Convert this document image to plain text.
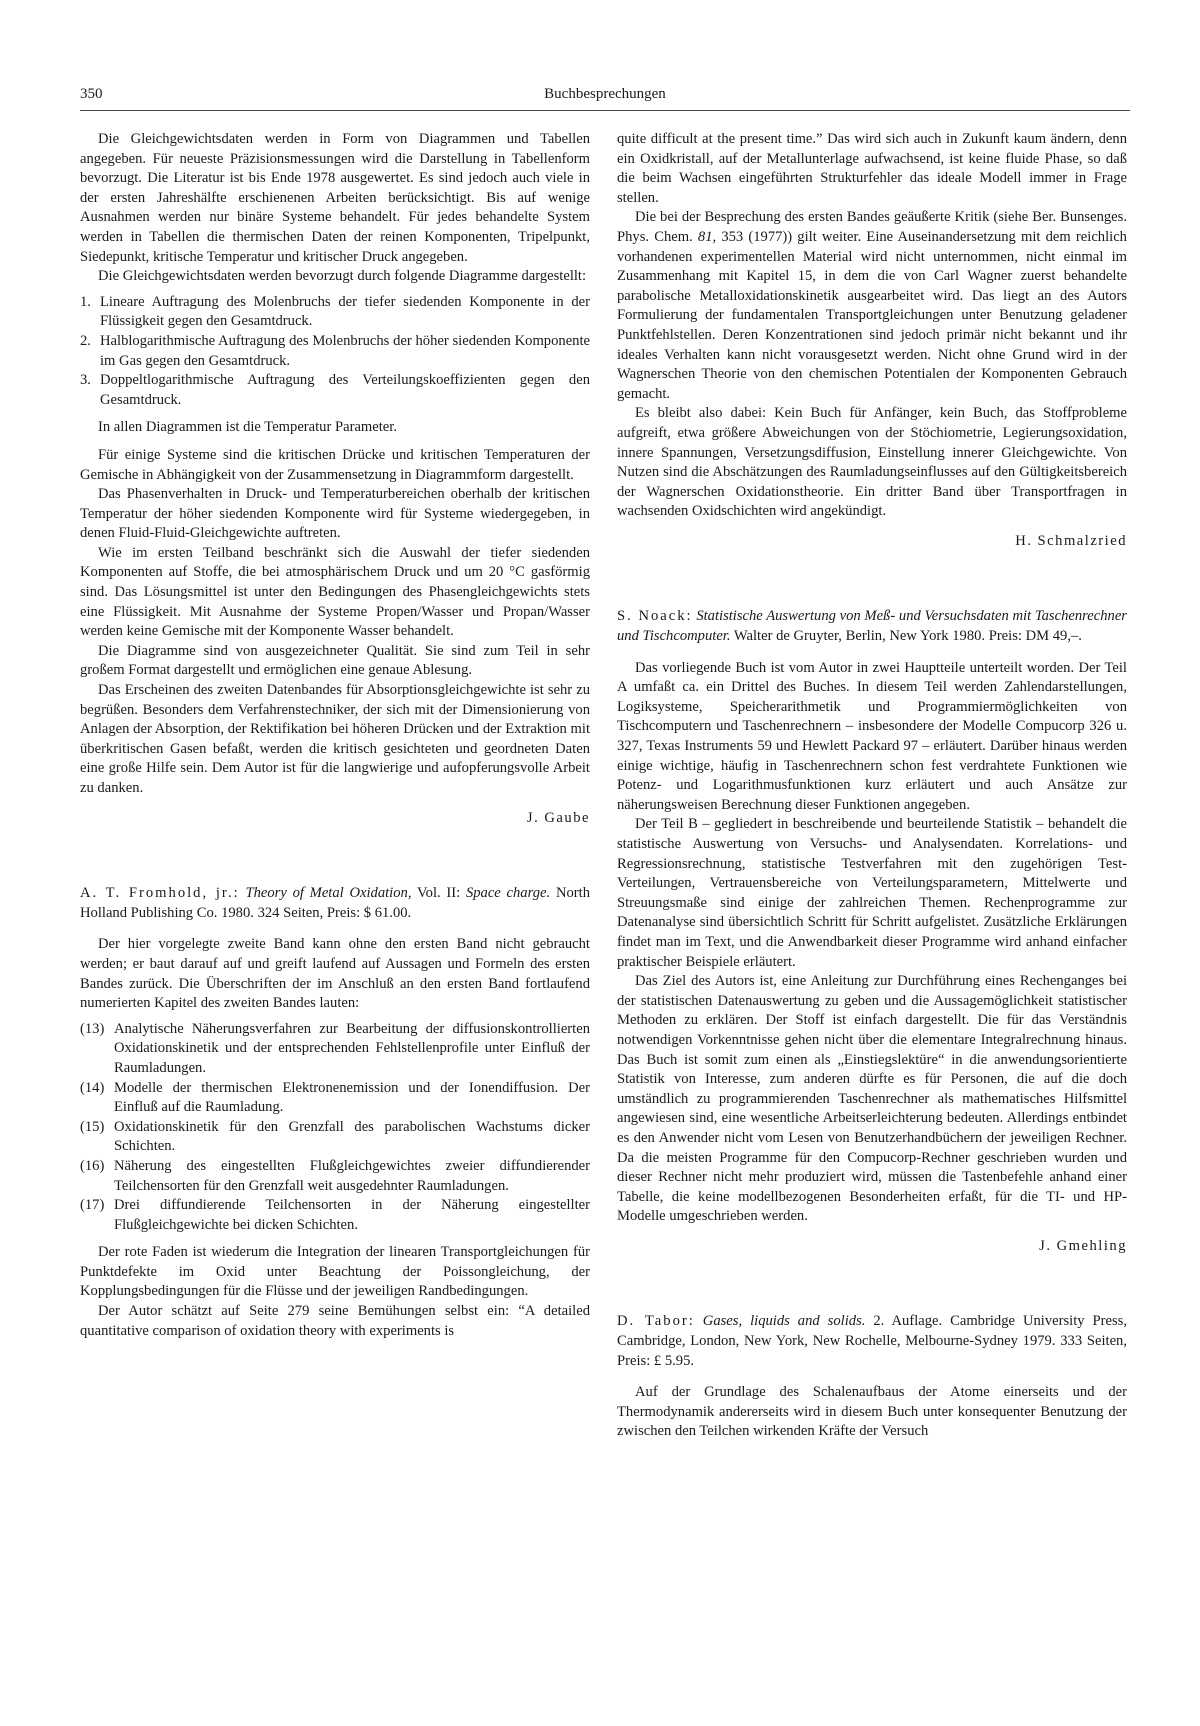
350	Buchbesprechungen

Die Gleichgewichtsdaten werden in Form von Diagrammen und Tabellen angegeben. Für neueste Präzisionsmessungen wird die Darstellung in Tabellenform bevorzugt. Die Literatur ist bis Ende 1978 ausgewertet. Es sind jedoch auch viele in der ersten Jahreshälfte erschienenen Arbeiten berücksichtigt. Bis auf wenige Ausnahmen werden nur binäre Systeme behandelt. Für jedes behandelte System werden in Tabellen die thermischen Daten der reinen Komponenten, Tripelpunkt, Siedepunkt, kritische Temperatur und kritischer Druck angegeben.

Die Gleichgewichtsdaten werden bevorzugt durch folgende Diagramme dargestellt:

1. Lineare Auftragung des Molenbruchs der tiefer siedenden Komponente in der Flüssigkeit gegen den Gesamtdruck.
2. Halblogarithmische Auftragung des Molenbruchs der höher siedenden Komponente im Gas gegen den Gesamtdruck.
3. Doppeltlogarithmische Auftragung des Verteilungskoeffizienten gegen den Gesamtdruck.

In allen Diagrammen ist die Temperatur Parameter.

Für einige Systeme sind die kritischen Drücke und kritischen Temperaturen der Gemische in Abhängigkeit von der Zusammensetzung in Diagrammform dargestellt.

Das Phasenverhalten in Druck- und Temperaturbereichen oberhalb der kritischen Temperatur der höher siedenden Komponente wird für Systeme wiedergegeben, in denen Fluid-Fluid-Gleichgewichte auftreten.

Wie im ersten Teilband beschränkt sich die Auswahl der tiefer siedenden Komponenten auf Stoffe, die bei atmosphärischem Druck und um 20 °C gasförmig sind. Das Lösungsmittel ist unter den Bedingungen des Phasengleichgewichts stets eine Flüssigkeit. Mit Ausnahme der Systeme Propen/Wasser und Propan/Wasser werden keine Gemische mit der Komponente Wasser behandelt.

Die Diagramme sind von ausgezeichneter Qualität. Sie sind zum Teil in sehr großem Format dargestellt und ermöglichen eine genaue Ablesung.

Das Erscheinen des zweiten Datenbandes für Absorptionsgleichgewichte ist sehr zu begrüßen. Besonders dem Verfahrenstechniker, der sich mit der Dimensionierung von Anlagen der Absorption, der Rektifikation bei höheren Drücken und der Extraktion mit überkritischen Gasen befaßt, werden die kritisch gesichteten und geordneten Daten eine große Hilfe sein. Dem Autor ist für die langwierige und aufopferungsvolle Arbeit zu danken.

J. Gaube

A. T. Fromhold, jr.: Theory of Metal Oxidation, Vol. II: Space charge. North Holland Publishing Co. 1980. 324 Seiten, Preis: $ 61.00.

Der hier vorgelegte zweite Band kann ohne den ersten Band nicht gebraucht werden; er baut darauf auf und greift laufend auf Aussagen und Formeln des ersten Bandes zurück. Die Überschriften der im Anschluß an den ersten Band fortlaufend numerierten Kapitel des zweiten Bandes lauten:

(13) Analytische Näherungsverfahren zur Bearbeitung der diffusionskontrollierten Oxidationskinetik und der entsprechenden Fehlstellenprofile unter Einfluß der Raumladungen.
(14) Modelle der thermischen Elektronenemission und der Ionendiffusion. Der Einfluß auf die Raumladung.
(15) Oxidationskinetik für den Grenzfall des parabolischen Wachstums dicker Schichten.
(16) Näherung des eingestellten Flußgleichgewichtes zweier diffundierender Teilchensorten für den Grenzfall weit ausgedehnter Raumladungen.
(17) Drei diffundierende Teilchensorten in der Näherung eingestellter Flußgleichgewichte bei dicken Schichten.

Der rote Faden ist wiederum die Integration der linearen Transportgleichungen für Punktdefekte im Oxid unter Beachtung der Poissongleichung, der Kopplungsbedingungen für die Flüsse und der jeweiligen Randbedingungen.

Der Autor schätzt auf Seite 279 seine Bemühungen selbst ein: “A detailed quantitative comparison of oxidation theory with experiments is

quite difficult at the present time.” Das wird sich auch in Zukunft kaum ändern, denn ein Oxidkristall, auf der Metallunterlage aufwachsend, ist keine fluide Phase, so daß die beim Wachsen eingeführten Strukturfehler das ideale Modell immer in Frage stellen.

Die bei der Besprechung des ersten Bandes geäußerte Kritik (siehe Ber. Bunsenges. Phys. Chem. 81, 353 (1977)) gilt weiter. Eine Auseinandersetzung mit dem reichlich vorhandenen experimentellen Material wird nicht unternommen, nicht einmal im Zusammenhang mit Kapitel 15, in dem die von Carl Wagner zuerst behandelte parabolische Metalloxidationskinetik ausgearbeitet wird. Das liegt an des Autors Formulierung der fundamentalen Transportgleichungen unter Benutzung geladener Punktfehlstellen. Deren Konzentrationen sind jedoch primär nicht bekannt und ihr ideales Verhalten kann nicht vorausgesetzt werden. Nicht ohne Grund wird in der Wagnerschen Theorie von den chemischen Potentialen der Komponenten Gebrauch gemacht.

Es bleibt also dabei: Kein Buch für Anfänger, kein Buch, das Stoffprobleme aufgreift, etwa größere Abweichungen von der Stöchiometrie, Legierungsoxidation, innere Spannungen, Versetzungsdiffusion, Einstellung innerer Gleichgewichte. Von Nutzen sind die Abschätzungen des Raumladungseinflusses auf den Gültigkeitsbereich der Wagnerschen Oxidationstheorie. Ein dritter Band über Transportfragen in wachsenden Oxidschichten wird angekündigt.

H. Schmalzried

S. Noack: Statistische Auswertung von Meß- und Versuchsdaten mit Taschenrechner und Tischcomputer. Walter de Gruyter, Berlin, New York 1980. Preis: DM 49,–.

Das vorliegende Buch ist vom Autor in zwei Hauptteile unterteilt worden. Der Teil A umfaßt ca. ein Drittel des Buches. In diesem Teil werden Zahlendarstellungen, Logiksysteme, Speicherarithmetik und Programmiermöglichkeiten von Tischcomputern und Taschenrechnern – insbesondere der Modelle Compucorp 326 u. 327, Texas Instruments 59 und Hewlett Packard 97 – erläutert. Darüber hinaus werden einige wichtige, häufig in Taschenrechnern schon fest verdrahtete Funktionen wie Potenz- und Logarithmusfunktionen kurz erläutert und auch Ansätze zur näherungsweisen Berechnung dieser Funktionen angegeben.

Der Teil B – gegliedert in beschreibende und beurteilende Statistik – behandelt die statistische Auswertung von Versuchs- und Analysendaten. Korrelations- und Regressionsrechnung, statistische Testverfahren mit den zugehörigen Test-Verteilungen, Vertrauensbereiche von Verteilungsparametern, Mittelwerte und Streuungsmaße sind einige der zahlreichen Themen. Rechenprogramme zur Datenanalyse sind übersichtlich Schritt für Schritt aufgelistet. Zusätzliche Erklärungen findet man im Text, und die Anwendbarkeit dieser Programme wird anhand einfacher praktischer Beispiele erläutert.

Das Ziel des Autors ist, eine Anleitung zur Durchführung eines Rechenganges bei der statistischen Datenauswertung zu geben und die Aussagemöglichkeit statistischer Methoden zu erklären. Der Stoff ist einfach dargestellt. Die für das Verständnis notwendigen Vorkenntnisse gehen nicht über die elementare Integralrechnung hinaus. Das Buch ist somit zum einen als „Einstiegslektüre“ in die anwendungsorientierte Statistik von Interesse, zum anderen dürfte es für Personen, die auf die doch umständlich zu programmierenden Taschenrechner als mathematisches Hilfsmittel angewiesen sind, eine wesentliche Arbeitserleichterung bedeuten. Allerdings entbindet es den Anwender nicht vom Lesen von Benutzerhandbüchern der jeweiligen Rechner. Da die meisten Programme für den Compucorp-Rechner geschrieben wurden und dieser Rechner nicht mehr produziert wird, müssen die Tastenbefehle anhand einer Tabelle, die keine modellbezogenen Besonderheiten erfaßt, für die TI- und HP-Modelle umgeschrieben werden.

J. Gmehling

D. Tabor: Gases, liquids and solids. 2. Auflage. Cambridge University Press, Cambridge, London, New York, New Rochelle, Melbourne-Sydney 1979. 333 Seiten, Preis: £ 5.95.

Auf der Grundlage des Schalenaufbaus der Atome einerseits und der Thermodynamik andererseits wird in diesem Buch unter konsequenter Benutzung der zwischen den Teilchen wirkenden Kräfte der Versuch
